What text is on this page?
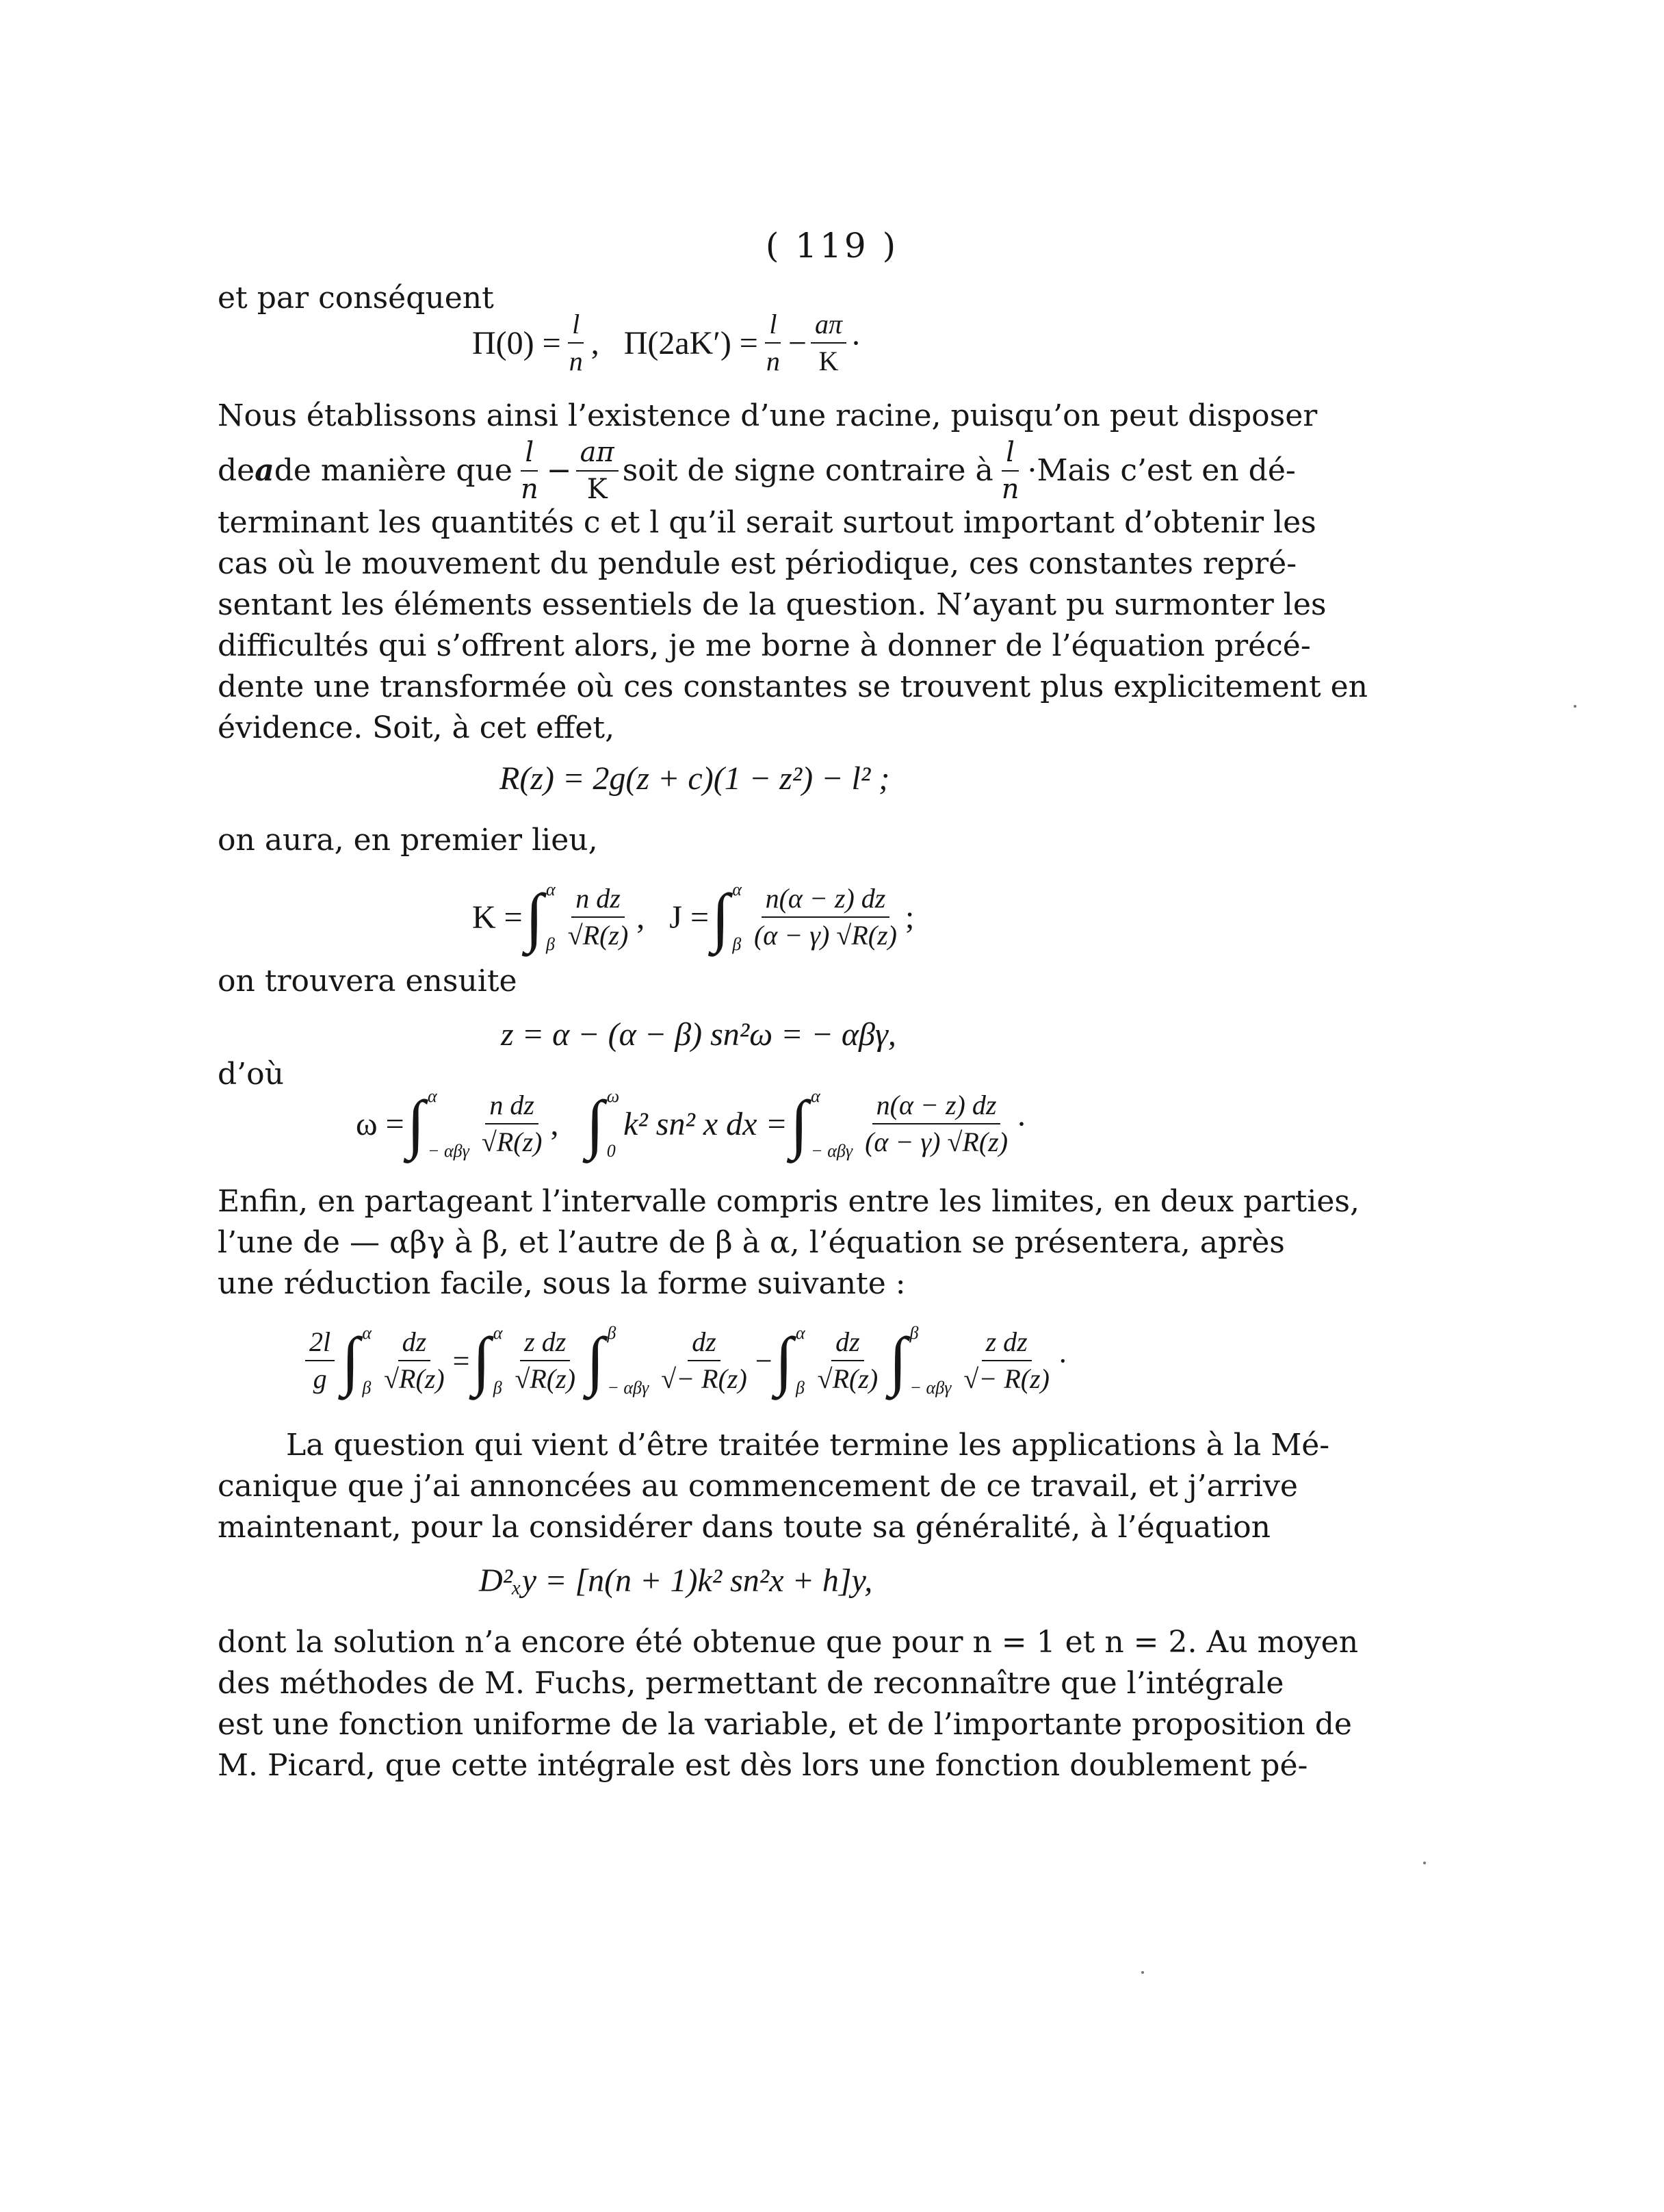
( 119 )
et par conséquent
$\Pi(0) = \frac{l}{n}$ , $\Pi(2aK') = \frac{l}{n} - \frac{a\pi}{K}$ ·
Nous établissons ainsi l’existence d’une racine, puisqu’on peut disposer
de a de manière que $\frac{l}{n} - \frac{a\pi}{K}$ soit de signe contraire à $\frac{l}{n}$ · Mais c’est en dé-
terminant les quantités c et l qu’il serait surtout important d’obtenir les
cas où le mouvement du pendule est périodique, ces constantes repré-
sentant les éléments essentiels de la question. N’ayant pu surmonter les
difficultés qui s’offrent alors, je me borne à donner de l’équation précé-
dente une transformée où ces constantes se trouvent plus explicitement en
évidence. Soit, à cet effet,
R(z) = 2g(z + c)(1 − z²) − l² ;
on aura, en premier lieu,
K = ∫ α
β $\frac{\text{n dz}}{√R(z)}$ , J = ∫ α
β $\frac{n(\alpha - z) dz}{(\alpha - \gamma) √R(z)}$ ;
on trouvera ensuite
z = α − (α − β) sn²ω = − αβγ,
d’où
ω = ∫ α
− αβγ $\frac{\text{n dz}}{√R(z)}$ , ∫ ω
0
k² sn² x dx = ∫ α
− αβγ $\frac{n(\alpha - z) dz}{(\alpha - \gamma) √R(z)}$ ·
Enfin, en partageant l’intervalle compris entre les limites, en deux parties,
l’une de — αβγ à β, et l’autre de β à α, l’équation se présentera, après
une réduction facile, sous la forme suivante :
$\frac{2l}{g}$ ∫ α
β $\frac{dz}{√R(z)}$ = ∫ α
β $\frac{\text{z dz}}{√R(z)}$ ∫ β
− αβγ $\frac{dz}{√- R(z)}$ − ∫ α
β $\frac{dz}{√R(z)}$ ∫ β
− αβγ $\frac{\text{z dz}}{√- R(z)}$ ·
La question qui vient d’être traitée termine les applications à la Mé-
canique que j’ai annoncées au commencement de ce travail, et j’arrive
maintenant, pour la considérer dans toute sa généralité, à l’équation
D²ₓy = [n(n + 1)k² sn²x + h]y,
dont la solution n’a encore été obtenue que pour n = 1 et n = 2. Au moyen
des méthodes de M. Fuchs, permettant de reconnaître que l’intégrale
est une fonction uniforme de la variable, et de l’importante proposition de
M. Picard, que cette intégrale est dès lors une fonction doublement pé-
